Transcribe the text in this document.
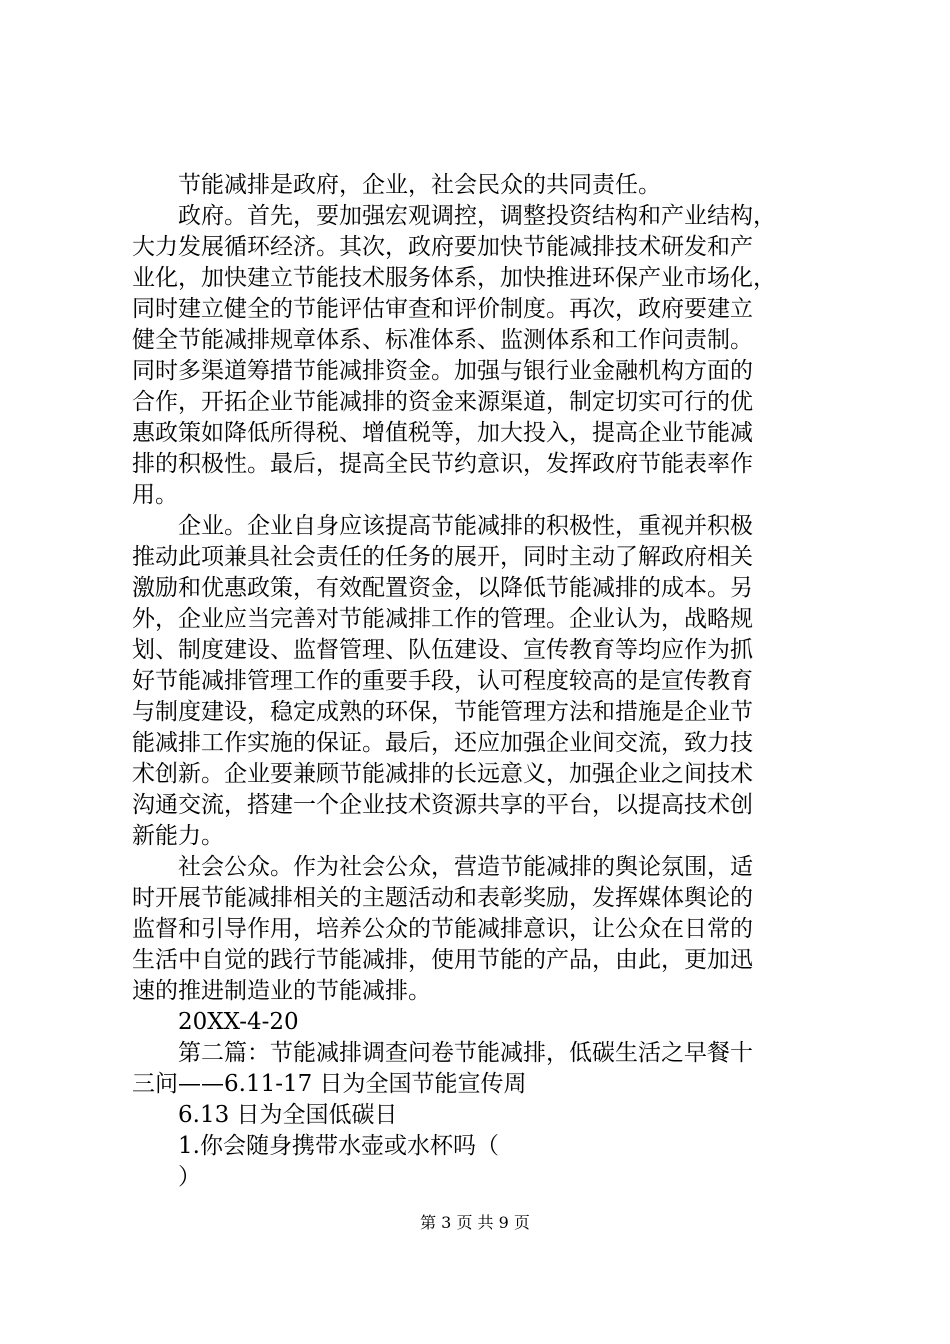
　　节能减排是政府，企业，社会民众的共同责任。
　　政府。首先，要加强宏观调控，调整投资结构和产业结构，
大力发展循环经济。其次，政府要加快节能减排技术研发和产
业化，加快建立节能技术服务体系，加快推进环保产业市场化，
同时建立健全的节能评估审查和评价制度。再次，政府要建立
健全节能减排规章体系、标准体系、监测体系和工作问责制。
同时多渠道筹措节能减排资金。加强与银行业金融机构方面的
合作，开拓企业节能减排的资金来源渠道，制定切实可行的优
惠政策如降低所得税、增值税等，加大投入，提高企业节能减
排的积极性。最后，提高全民节约意识，发挥政府节能表率作
用。
　　企业。企业自身应该提高节能减排的积极性，重视并积极
推动此项兼具社会责任的任务的展开，同时主动了解政府相关
激励和优惠政策，有效配置资金，以降低节能减排的成本。另
外，企业应当完善对节能减排工作的管理。企业认为，战略规
划、制度建设、监督管理、队伍建设、宣传教育等均应作为抓
好节能减排管理工作的重要手段，认可程度较高的是宣传教育
与制度建设，稳定成熟的环保，节能管理方法和措施是企业节
能减排工作实施的保证。最后，还应加强企业间交流，致力技
术创新。企业要兼顾节能减排的长远意义，加强企业之间技术
沟通交流，搭建一个企业技术资源共享的平台，以提高技术创
新能力。
　　社会公众。作为社会公众，营造节能减排的舆论氛围，适
时开展节能减排相关的主题活动和表彰奖励，发挥媒体舆论的
监督和引导作用，培养公众的节能减排意识，让公众在日常的
生活中自觉的践行节能减排，使用节能的产品，由此，更加迅
速的推进制造业的节能减排。
　　20XX-4-20
　　第二篇：节能减排调查问卷节能减排，低碳生活之早餐十
三问——6.11-17 日为全国节能宣传周
　　6.13 日为全国低碳日
　　1.你会随身携带水壶或水杯吗（
　　）
第 3 页 共 9 页
